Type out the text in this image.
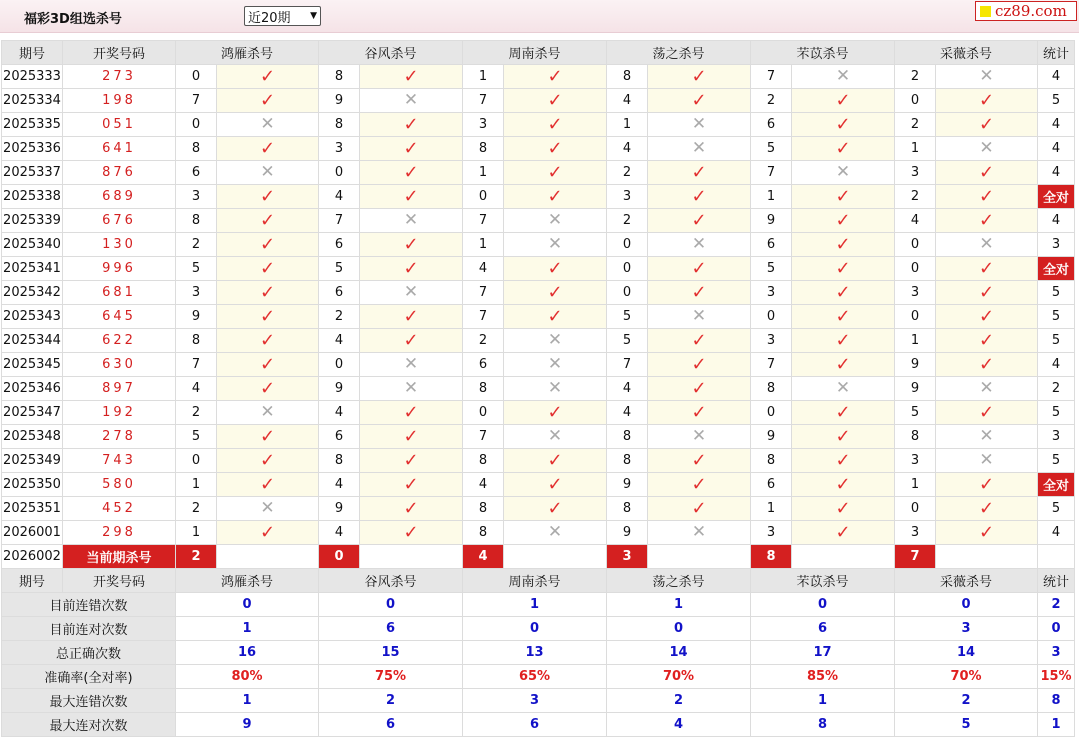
福彩3D组选杀号	近20期 ▼	cz89.com
期号	开奖号码	鸿雁杀号		谷风杀号		周南杀号		荡之杀号		芣苡杀号		采薇杀号		统计
2025333	273	0	✓	8	✓	1	✓	8	✓	7	✕	2	✕	4
2025334	198	7	✓	9	✕	7	✓	4	✓	2	✓	0	✓	5
2025335	051	0	✕	8	✓	3	✓	1	✕	6	✓	2	✓	4
2025336	641	8	✓	3	✓	8	✓	4	✕	5	✓	1	✕	4
2025337	876	6	✕	0	✓	1	✓	2	✓	7	✕	3	✓	4
2025338	689	3	✓	4	✓	0	✓	3	✓	1	✓	2	✓	全对
2025339	676	8	✓	7	✕	7	✕	2	✓	9	✓	4	✓	4
2025340	130	2	✓	6	✓	1	✕	0	✕	6	✓	0	✕	3
2025341	996	5	✓	5	✓	4	✓	0	✓	5	✓	0	✓	全对
2025342	681	3	✓	6	✕	7	✓	0	✓	3	✓	3	✓	5
2025343	645	9	✓	2	✓	7	✓	5	✕	0	✓	0	✓	5
2025344	622	8	✓	4	✓	2	✕	5	✓	3	✓	1	✓	5
2025345	630	7	✓	0	✕	6	✕	7	✓	7	✓	9	✓	4
2025346	897	4	✓	9	✕	8	✕	4	✓	8	✕	9	✕	2
2025347	192	2	✕	4	✓	0	✓	4	✓	0	✓	5	✓	5
2025348	278	5	✓	6	✓	7	✕	8	✕	9	✓	8	✕	3
2025349	743	0	✓	8	✓	8	✓	8	✓	8	✓	3	✕	5
2025350	580	1	✓	4	✓	4	✓	9	✓	6	✓	1	✓	全对
2025351	452	2	✕	9	✓	8	✓	8	✓	1	✓	0	✓	5
2026001	298	1	✓	4	✓	8	✕	9	✕	3	✓	3	✓	4
2026002	当前期杀号	2		0		4		3		8		7		
期号	开奖号码	鸿雁杀号		谷风杀号		周南杀号		荡之杀号		芣苡杀号		采薇杀号		统计
目前连错次数		0		0		1		1		0		0		2
目前连对次数		1		6		0		0		6		3		0
总正确次数		16		15		13		14		17		14		3
准确率(全对率)		80%		75%		65%		70%		85%		70%		15%
最大连错次数		1		2		3		2		1		2		8
最大连对次数		9		6		6		4		8		5		1
